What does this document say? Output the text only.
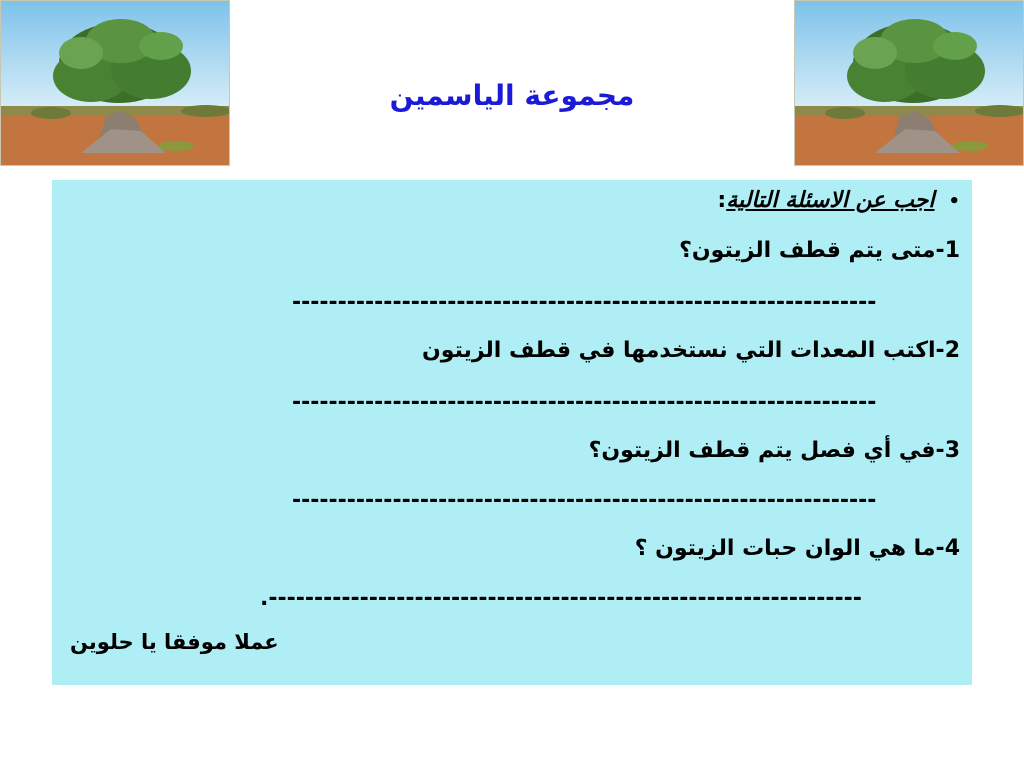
مجموعة الياسمين
•اجب عن الاسئلة التالية:
1-متى يتم قطف الزيتون؟
----------------------------------------------------------------
2-اكتب المعدات التي نستخدمها في قطف الزيتون
----------------------------------------------------------------
3-في أي فصل يتم قطف الزيتون؟
----------------------------------------------------------------
4-ما هي الوان حبات الزيتون ؟
.-----------------------------------------------------------------
عملا موفقا يا حلوين
